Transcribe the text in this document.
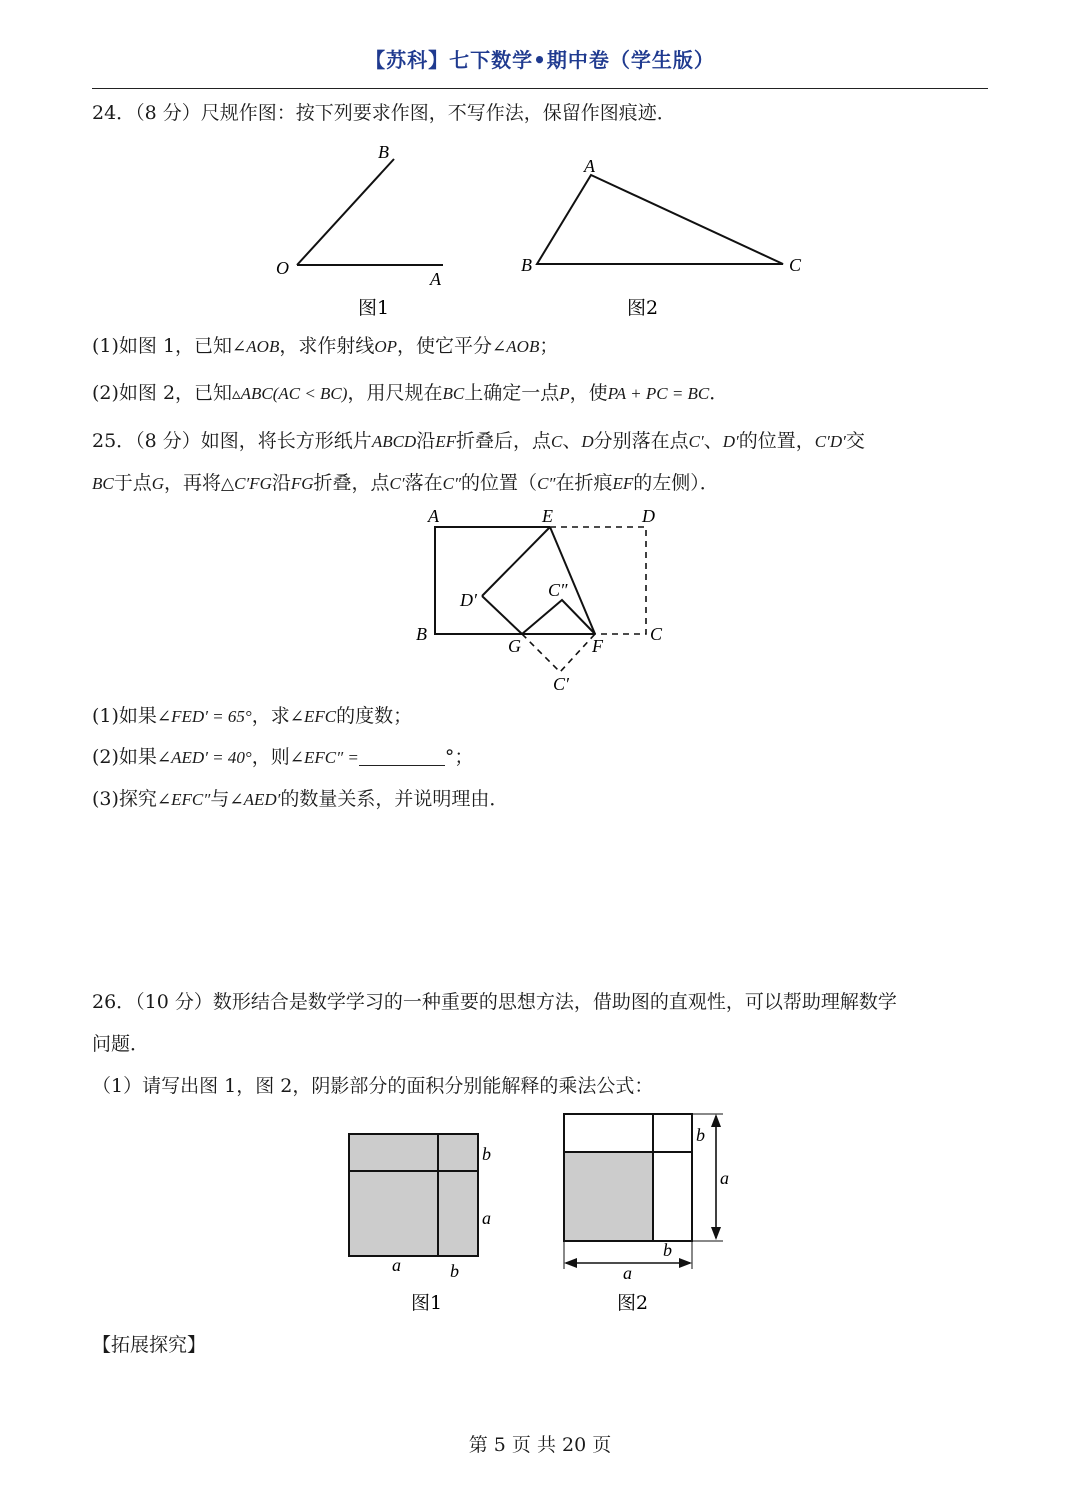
【苏科】七下数学•期中卷（学生版）
24．（8 分）尺规作图：按下列要求作图，不写作法，保留作图痕迹．
B
O
A
图1
A
B	C
图2
(1)如图 1，已知∠AOB，求作射线OP，使它平分∠AOB；
(2)如图 2，已知▵ABC(AC < BC)，用尺规在BC上确定一点P，使PA + PC = BC．
25．（8 分）如图，将长方形纸片ABCD沿EF折叠后，点C、D分别落在点C′、D′的位置，C′D′交
BC于点G，再将△C′FG沿FG折叠，点C′落在C″的位置（C″在折痕EF的左侧）．
A	E	D
D′	C″
B
G	F
C
C′
(1)如果∠FED′ = 65°，求∠EFC的度数；
(2)如果∠AED′ = 40°，则∠EFC″ =	°；
(3)探究∠EFC″与∠AED′的数量关系，并说明理由．
26．（10 分）数形结合是数学学习的一种重要的思想方法，借助图的直观性，可以帮助理解数学
问题．
（1）请写出图 1，图 2，阴影部分的面积分别能解释的乘法公式：
b
a
a	b
图1
b
a
b
a
图2
【拓展探究】
第 5 页 共 20 页
